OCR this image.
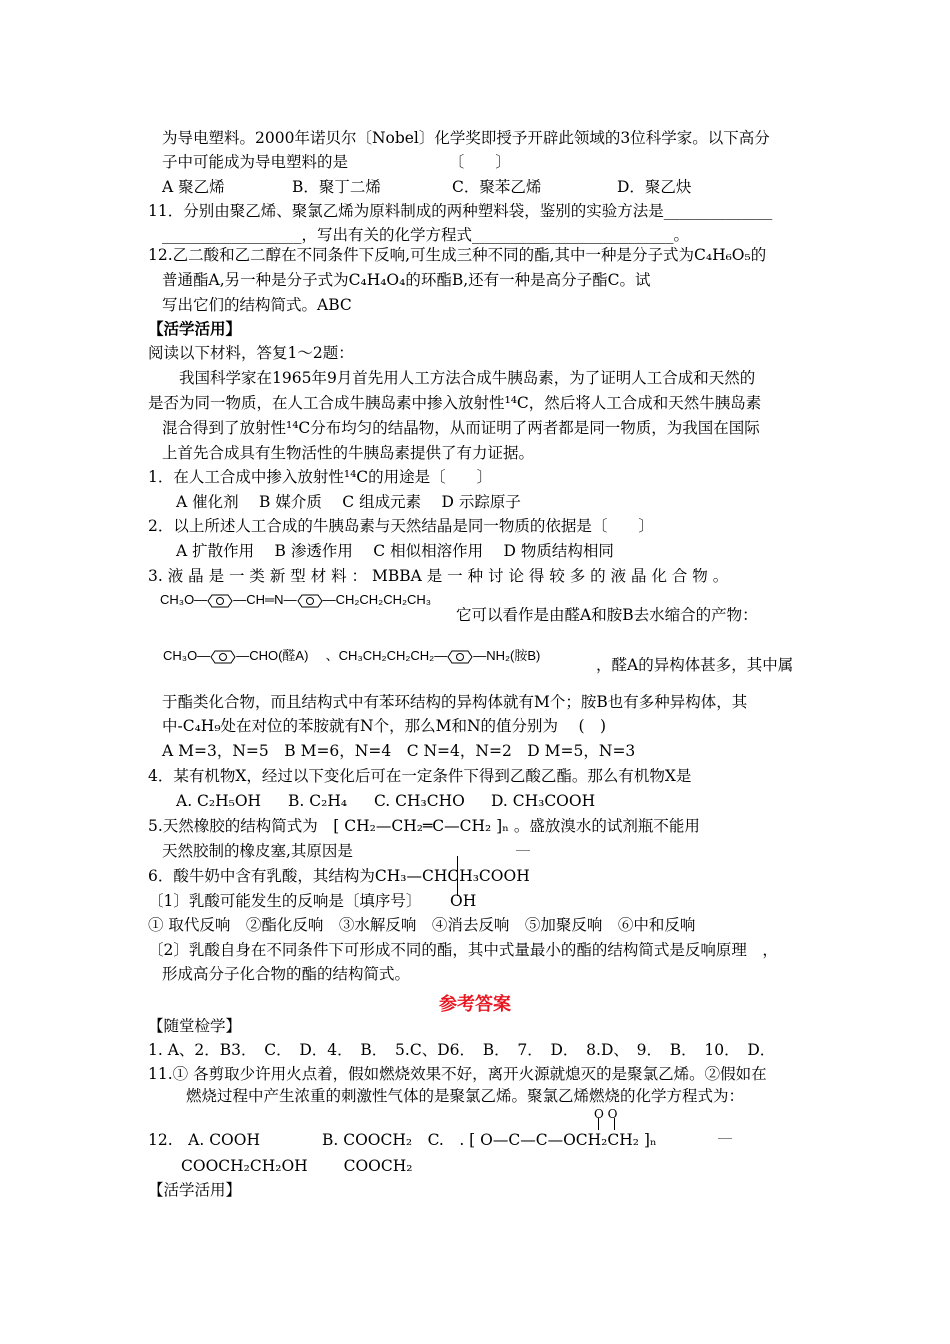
为导电塑料。2000年诺贝尔〔Nobel〕化学奖即授予开辟此领域的3位科学家。以下高分
子中可能成为导电塑料的是　　　　　　　〔　　〕
A 聚乙烯	B．聚丁二烯	C．聚苯乙烯	D．聚乙炔
11．分别由聚乙烯、聚氯乙烯为原料制成的两种塑料袋，鉴别的实验方法是______________
__________________，写出有关的化学方程式__________________________。
12.乙二酸和乙二醇在不同条件下反响,可生成三种不同的酯,其中一种是分子式为C₄H₆O₅的
普通酯A,另一种是分子式为C₄H₄O₄的环酯B,还有一种是高分子酯C。试
写出它们的结构简式。ABC
【活学活用】
阅读以下材料，答复1～2题：
　　我国科学家在1965年9月首先用人工方法合成牛胰岛素，为了证明人工合成和天然的
是否为同一物质，在人工合成牛胰岛素中掺入放射性¹⁴C，然后将人工合成和天然牛胰岛素
混合得到了放射性¹⁴C分布均匀的结晶物，从而证明了两者都是同一物质，为我国在国际
上首先合成具有生物活性的牛胰岛素提供了有力证据。
1．在人工合成中掺入放射性¹⁴C的用途是〔　　〕
A 催化剂　 B 媒介质　 C 组成元素　 D 示踪原子
2．以上所述人工合成的牛胰岛素与天然结晶是同一物质的依据是〔　　〕
A 扩散作用　 B 渗透作用　 C 相似相溶作用　 D 物质结构相同
3. 液 晶 是 一 类 新 型 材 料 ： MBBA 是 一 种 讨 论 得 较 多 的 液 晶 化 合 物 。
CH₃O— —CH═N— —CH₂CH₂CH₂CH₃
它可以看作是由醛A和胺B去水缩合的产物：
CH₃O— —CHO(醛A) 、CH₃CH₂CH₂CH₂— —NH₂(胺B)
，醛A的异构体甚多，其中属
于酯类化合物，而且结构式中有苯环结构的异构体就有M个；胺B也有多种异构体，其
中-C₄H₉处在对位的苯胺就有N个，那么M和N的值分别为　 (　)
A M=3，N=5　B M=6，N=4　C N=4，N=2　D M=5，N=3
4．某有机物X，经过以下变化后可在一定条件下得到乙酸乙酯。那么有机物X是
A. C₂H₅OH B. C₂H₄ C. CH₃CHO D. CH₃COOH
5.天然橡胶的结构简式为　[ CH₂—CH₂═C—CH₂ ]ₙ 。盛放溴水的试剂瓶不能用
天然胶制的橡皮塞,其原因是
6．酸牛奶中含有乳酸，其结构为CH₃—CHCH₃COOH
〔1〕乳酸可能发生的反响是〔填序号〕 OH
① 取代反响　②酯化反响　③水解反响　④消去反响　⑤加聚反响　⑥中和反响
〔2〕乳酸自身在不同条件下可形成不同的酯，其中式量最小的酯的结构简式是反响原理　，
形成高分子化合物的酯的结构简式。
参考答案
【随堂检学】
1. A、2．B3．　C．　D．4．　B．　5.C、D6．　B．　7．　D．　8.D、　9．　B．　10．　D．
11.① 各剪取少许用火点着，假如燃烧效果不好，离开火源就熄灭的是聚氯乙烯。②假如在
燃烧过程中产生浓重的刺激性气体的是聚氯乙烯。聚氯乙烯燃烧的化学方程式为：
O O
12.　A. COOH　　　　B. COOCH₂　C.　. [ O—C—C—OCH₂CH₂ ]ₙ
COOCH₂CH₂OH　　 COOCH₂
【活学活用】
